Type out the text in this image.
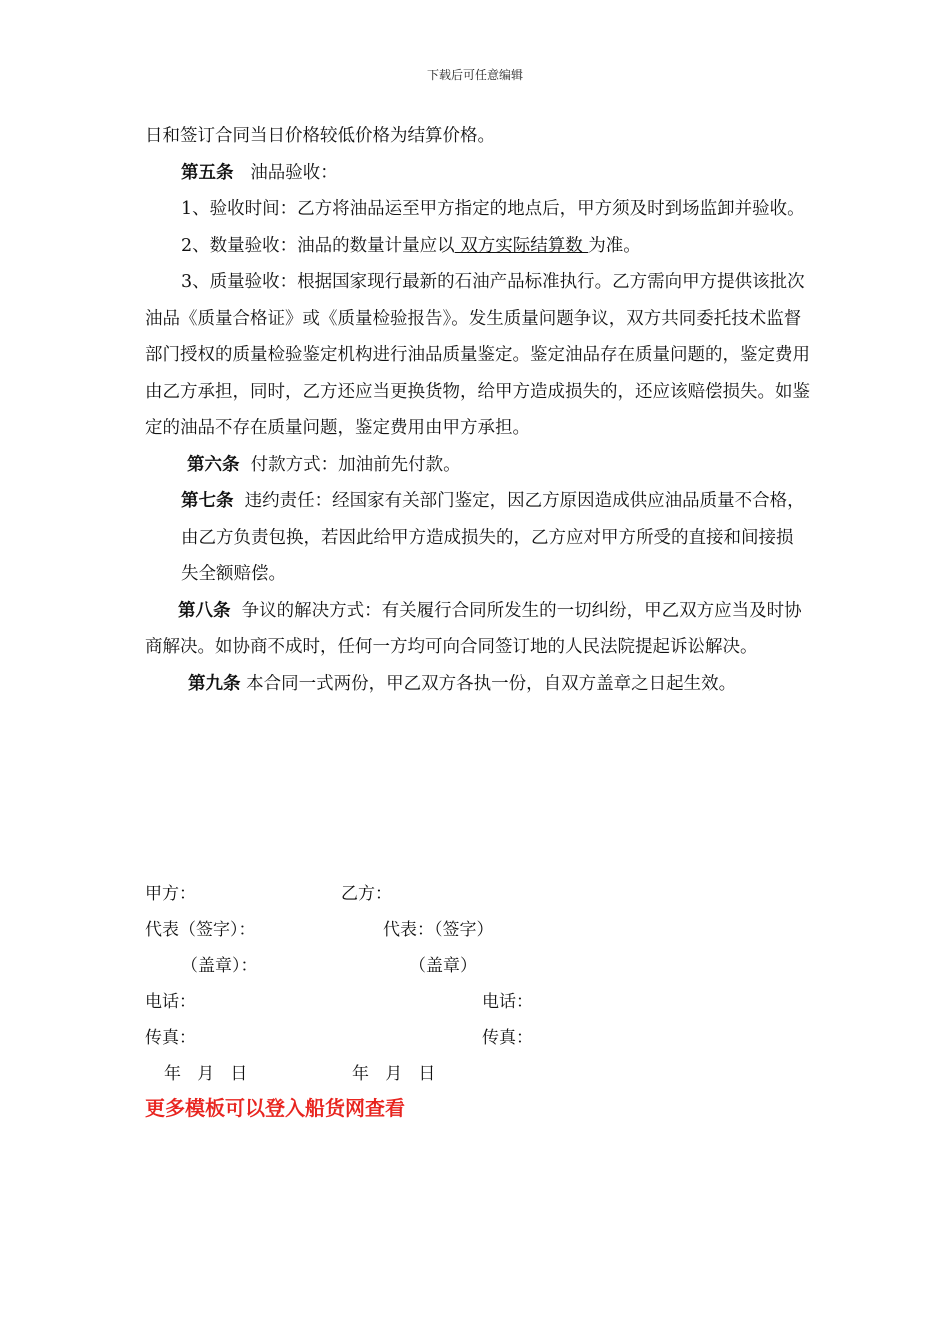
下载后可任意编辑

日和签订合同当日价格较低价格为结算价格。

第五条 油品验收：

1、验收时间：乙方将油品运至甲方指定的地点后，甲方须及时到场监卸并验收。

2、数量验收：油品的数量计量应以 双方实际结算数 为准。

3、质量验收：根据国家现行最新的石油产品标准执行。乙方需向甲方提供该批次油品《质量合格证》或《质量检验报告》。发生质量问题争议，双方共同委托技术监督部门授权的质量检验鉴定机构进行油品质量鉴定。鉴定油品存在质量问题的，鉴定费用由乙方承担，同时，乙方还应当更换货物，给甲方造成损失的，还应该赔偿损失。如鉴定的油品不存在质量问题，鉴定费用由甲方承担。

第六条 付款方式：加油前先付款。

第七条 违约责任：经国家有关部门鉴定，因乙方原因造成供应油品质量不合格，由乙方负责包换，若因此给甲方造成损失的，乙方应对甲方所受的直接和间接损失全额赔偿。

第八条 争议的解决方式：有关履行合同所发生的一切纠纷，甲乙双方应当及时协商解决。如协商不成时，任何一方均可向合同签订地的人民法院提起诉讼解决。

第九条 本合同一式两份，甲乙双方各执一份，自双方盖章之日起生效。

甲方：	乙方：
代表（签字）：	代表：（签字）
（盖章）：	（盖章）
电话：	电话：
传真：	传真：
年   月   日	年   月   日
更多模板可以登入船货网查看
